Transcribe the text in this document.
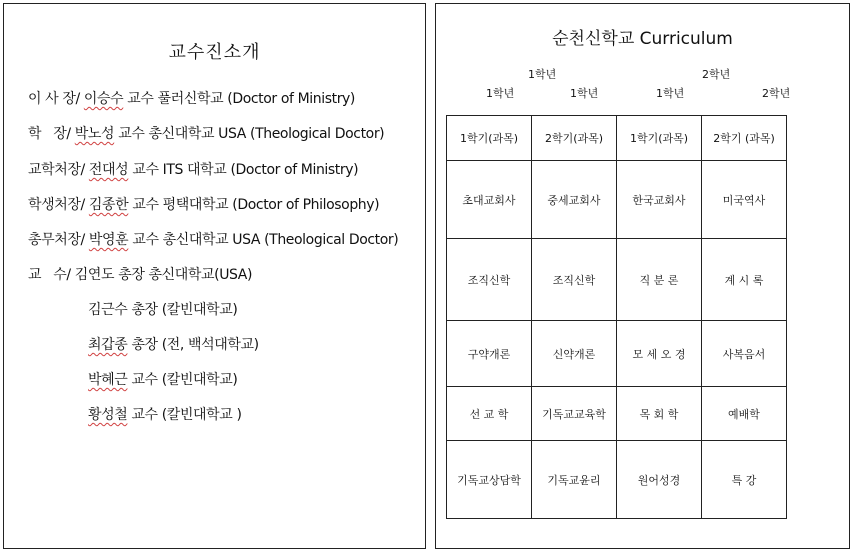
교수진소개
이 사 장/ 이승수 교수 풀러신학교 (Doctor of Ministry)
학   장/ 박노성 교수 총신대학교 USA (Theological Doctor)
교학처장/ 전대성 교수 ITS 대학교 (Doctor of Ministry)
학생처장/ 김종한 교수 평택대학교 (Doctor of Philosophy)
총무처장/ 박영훈 교수 총신대학교 USA (Theological Doctor)
교   수/ 김연도 총장 총신대학교(USA)
김근수 총장 (칼빈대학교)
최갑종 총장 (전, 백석대학교)
박혜근 교수 (칼빈대학교)
황성철 교수 (칼빈대학교 )
순천신학교 Curriculum
1학년	2학년
1학년	1학년	1학년	2학년
1학기(과목)	2학기(과목)	1학기(과목)	2학기 (과목)
초대교회사	중세교회사	한국교회사	미국역사
조직신학	조직신학	직 분 론	계 시 록
구약개론	신약개론	모 세 오 경	사복음서
선 교 학	기독교교육학	목 회 학	예배학
기독교상담학	기독교윤리	원어성경	특 강
